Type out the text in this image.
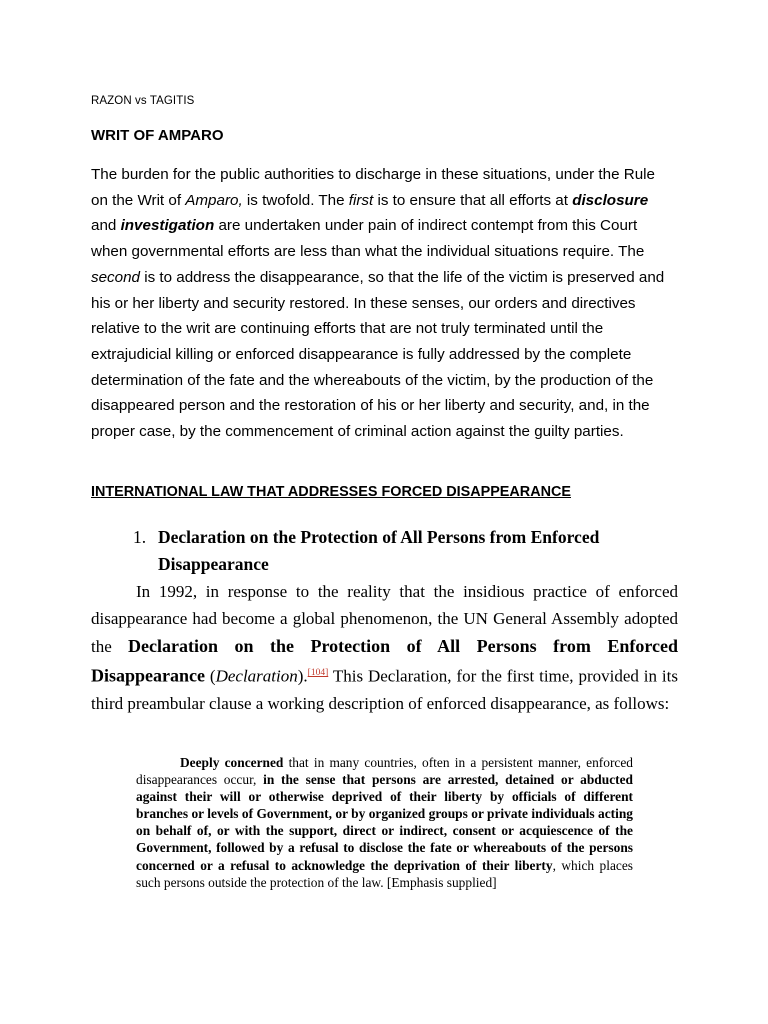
RAZON vs TAGITIS
WRIT OF AMPARO
The burden for the public authorities to discharge in these situations, under the Rule on the Writ of Amparo, is twofold. The first is to ensure that all efforts at disclosure and investigation are undertaken under pain of indirect contempt from this Court when governmental efforts are less than what the individual situations require. The second is to address the disappearance, so that the life of the victim is preserved and his or her liberty and security restored. In these senses, our orders and directives relative to the writ are continuing efforts that are not truly terminated until the extrajudicial killing or enforced disappearance is fully addressed by the complete determination of the fate and the whereabouts of the victim, by the production of the disappeared person and the restoration of his or her liberty and security, and, in the proper case, by the commencement of criminal action against the guilty parties.
INTERNATIONAL LAW THAT ADDRESSES FORCED DISAPPEARANCE
1. Declaration on the Protection of All Persons from Enforced
Disappearance
In 1992, in response to the reality that the insidious practice of enforced disappearance had become a global phenomenon, the UN General Assembly adopted the Declaration on the Protection of All Persons from Enforced Disappearance (Declaration).[104] This Declaration, for the first time, provided in its third preambular clause a working description of enforced disappearance, as follows:
Deeply concerned that in many countries, often in a persistent manner, enforced disappearances occur, in the sense that persons are arrested, detained or abducted against their will or otherwise deprived of their liberty by officials of different branches or levels of Government, or by organized groups or private individuals acting on behalf of, or with the support, direct or indirect, consent or acquiescence of the Government, followed by a refusal to disclose the fate or whereabouts of the persons concerned or a refusal to acknowledge the deprivation of their liberty, which places such persons outside the protection of the law. [Emphasis supplied]
